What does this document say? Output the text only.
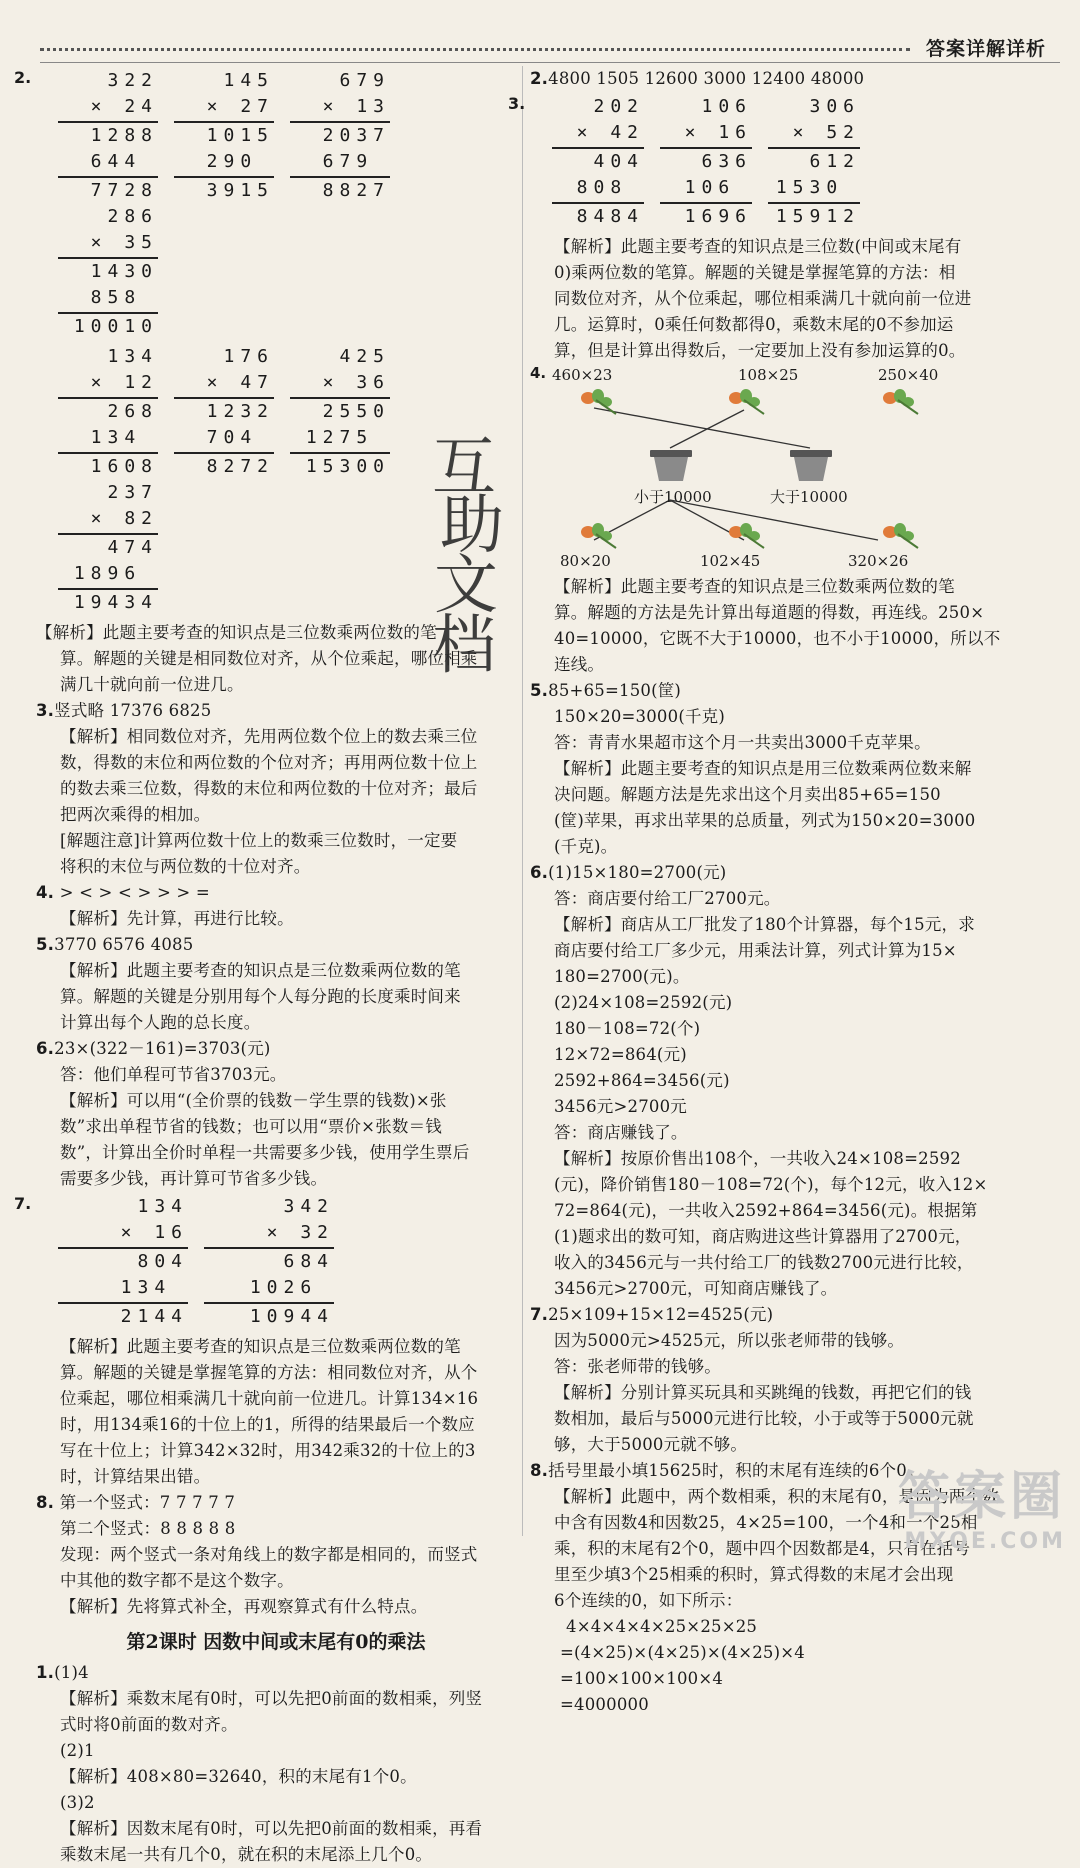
答案详解详析
2.	322
× 24
1288
644
7728
145
× 27
1015
290
3915
679
× 13
2037
679
8827
286
× 35
1430
858
10010
134
× 12
268
134
1608
176
× 47
1232
704
8272
425
× 36
2550
1275
15300
237
× 82
474
1896
19434
【解析】此题主要考查的知识点是三位数乘两位数的笔
算。解题的关键是相同数位对齐，从个位乘起，哪位相乘
满几十就向前一位进几。
3.竖式略 17376 6825
【解析】相同数位对齐，先用两位数个位上的数去乘三位
数，得数的末位和两位数的个位对齐；再用两位数十位上
的数去乘三位数，得数的末位和两位数的十位对齐；最后
把两次乘得的相加。
[解题注意]计算两位数十位上的数乘三位数时，一定要
将积的末位与两位数的十位对齐。
4. > < > < > > > =
【解析】先计算，再进行比较。
5.3770 6576 4085
【解析】此题主要考查的知识点是三位数乘两位数的笔
算。解题的关键是分别用每个人每分跑的长度乘时间来
计算出每个人跑的总长度。
6.23×(322－161)=3703(元)
答：他们单程可节省3703元。
【解析】可以用“(全价票的钱数－学生票的钱数)×张
数”求出单程节省的钱数；也可以用“票价×张数＝钱
数”，计算出全价时单程一共需要多少钱，使用学生票后
需要多少钱，再计算可节省多少钱。
7.	134
× 16
804
134
2144
342
× 32
684
1026
10944
【解析】此题主要考查的知识点是三位数乘两位数的笔
算。解题的关键是掌握笔算的方法：相同数位对齐，从个
位乘起，哪位相乘满几十就向前一位进几。计算134×16
时，用134乘16的十位上的1，所得的结果最后一个数应
写在十位上；计算342×32时，用342乘32的十位上的3
时，计算结果出错。
8. 第一个竖式：7 7 7 7 7
第二个竖式：8 8 8 8 8
发现：两个竖式一条对角线上的数字都是相同的，而竖式
中其他的数字都不是这个数字。
【解析】先将算式补全，再观察算式有什么特点。
第2课时 因数中间或末尾有0的乘法
1.(1)4
【解析】乘数末尾有0时，可以先把0前面的数相乘，列竖
式时将0前面的数对齐。
(2)1
【解析】408×80=32640，积的末尾有1个0。
(3)2
【解析】因数末尾有0时，可以先把0前面的数相乘，再看
乘数末尾一共有几个0，就在积的末尾添上几个0。
互
助
文
档
2.4800 1505 12600 3000 12400 48000
3.	202
× 42
404
808
8484
106
× 16
636
106
1696
306
× 52
612
1530
15912
【解析】此题主要考查的知识点是三位数(中间或末尾有
0)乘两位数的笔算。解题的关键是掌握笔算的方法：相
同数位对齐，从个位乘起，哪位相乘满几十就向前一位进
几。运算时，0乘任何数都得0，乘数末尾的0不参加运
算，但是计算出得数后，一定要加上没有参加运算的0。
4. 460×23	108×25	250×40
小于10000	大于10000
80×20	102×45	320×26
【解析】此题主要考查的知识点是三位数乘两位数的笔
算。解题的方法是先计算出每道题的得数，再连线。250×
40=10000，它既不大于10000，也不小于10000，所以不
连线。
5.85+65=150(筐)
150×20=3000(千克)
答：青青水果超市这个月一共卖出3000千克苹果。
【解析】此题主要考查的知识点是用三位数乘两位数来解
决问题。解题方法是先求出这个月卖出85+65=150
(筐)苹果，再求出苹果的总质量，列式为150×20=3000
(千克)。
6.(1)15×180=2700(元)
答：商店要付给工厂2700元。
【解析】商店从工厂批发了180个计算器，每个15元，求
商店要付给工厂多少元，用乘法计算，列式计算为15×
180=2700(元)。
(2)24×108=2592(元)
180－108=72(个)
12×72=864(元)
2592+864=3456(元)
3456元>2700元
答：商店赚钱了。
【解析】按原价售出108个，一共收入24×108=2592
(元)，降价销售180－108=72(个)，每个12元，收入12×
72=864(元)，一共收入2592+864=3456(元)。根据第
(1)题求出的数可知，商店购进这些计算器用了2700元，
收入的3456元与一共付给工厂的钱数2700元进行比较，
3456元>2700元，可知商店赚钱了。
7.25×109+15×12=4525(元)
因为5000元>4525元，所以张老师带的钱够。
答：张老师带的钱够。
【解析】分别计算买玩具和买跳绳的钱数，再把它们的钱
数相加，最后与5000元进行比较，小于或等于5000元就
够，大于5000元就不够。
8.括号里最小填15625时，积的末尾有连续的6个0。
【解析】此题中，两个数相乘，积的末尾有0，是因为两个数
中含有因数4和因数25，4×25=100，一个4和一个25相
乘，积的末尾有2个0，题中四个因数都是4，只有在括号
里至少填3个25相乘的积时，算式得数的末尾才会出现
6个连续的0，如下所示：
4×4×4×4×25×25×25
=(4×25)×(4×25)×(4×25)×4
=100×100×100×4
=4000000
答案圈
MXQE.COM
